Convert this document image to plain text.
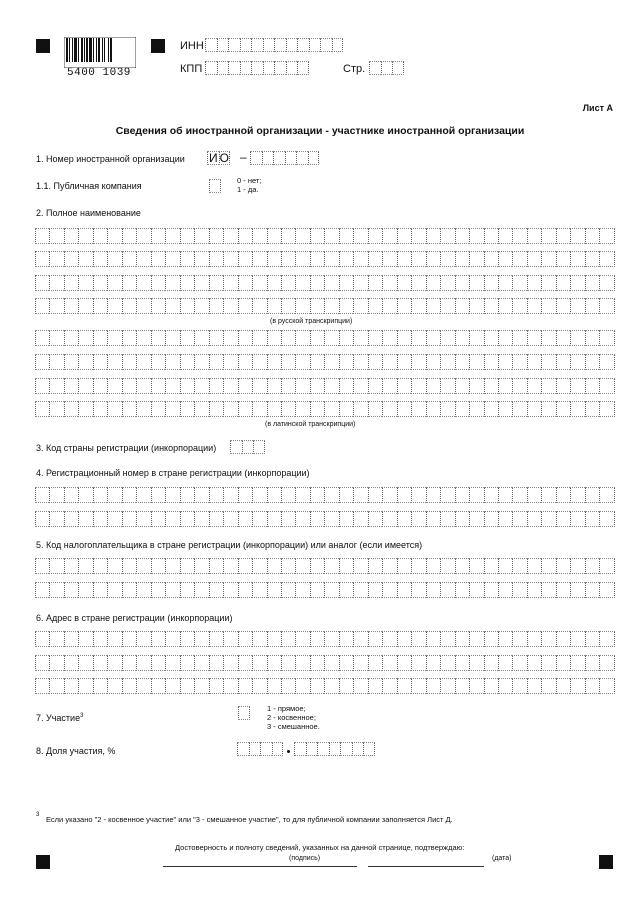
5400 1039
ИНН
КПП	Стр.
Лист А
Сведения об иностранной организации - участнике иностранной организации
1. Номер иностранной организации И О –
1.1. Публичная компания
0 - нет;
1 - да.
2. Полное наименование
(в русской транскрипции)
(в латинской транскрипции)
3. Код страны регистрации (инкорпорации)
4. Регистрационный номер в стране регистрации (инкорпорации)
5. Код налогоплательщика в стране регистрации (инкорпорации) или аналог (если имеется)
6. Адрес в стране регистрации (инкорпорации)
7. Участие$^3$
1 - прямое;
2 - косвенное;
3 - смешанное.
8. Доля участия, %
3 Если указано "2 - косвенное участие" или "3 - смешанное участие", то для публичной компании заполняется Лист Д.
Достоверность и полноту сведений, указанных на данной странице, подтверждаю:
(подпись)	(дата)
